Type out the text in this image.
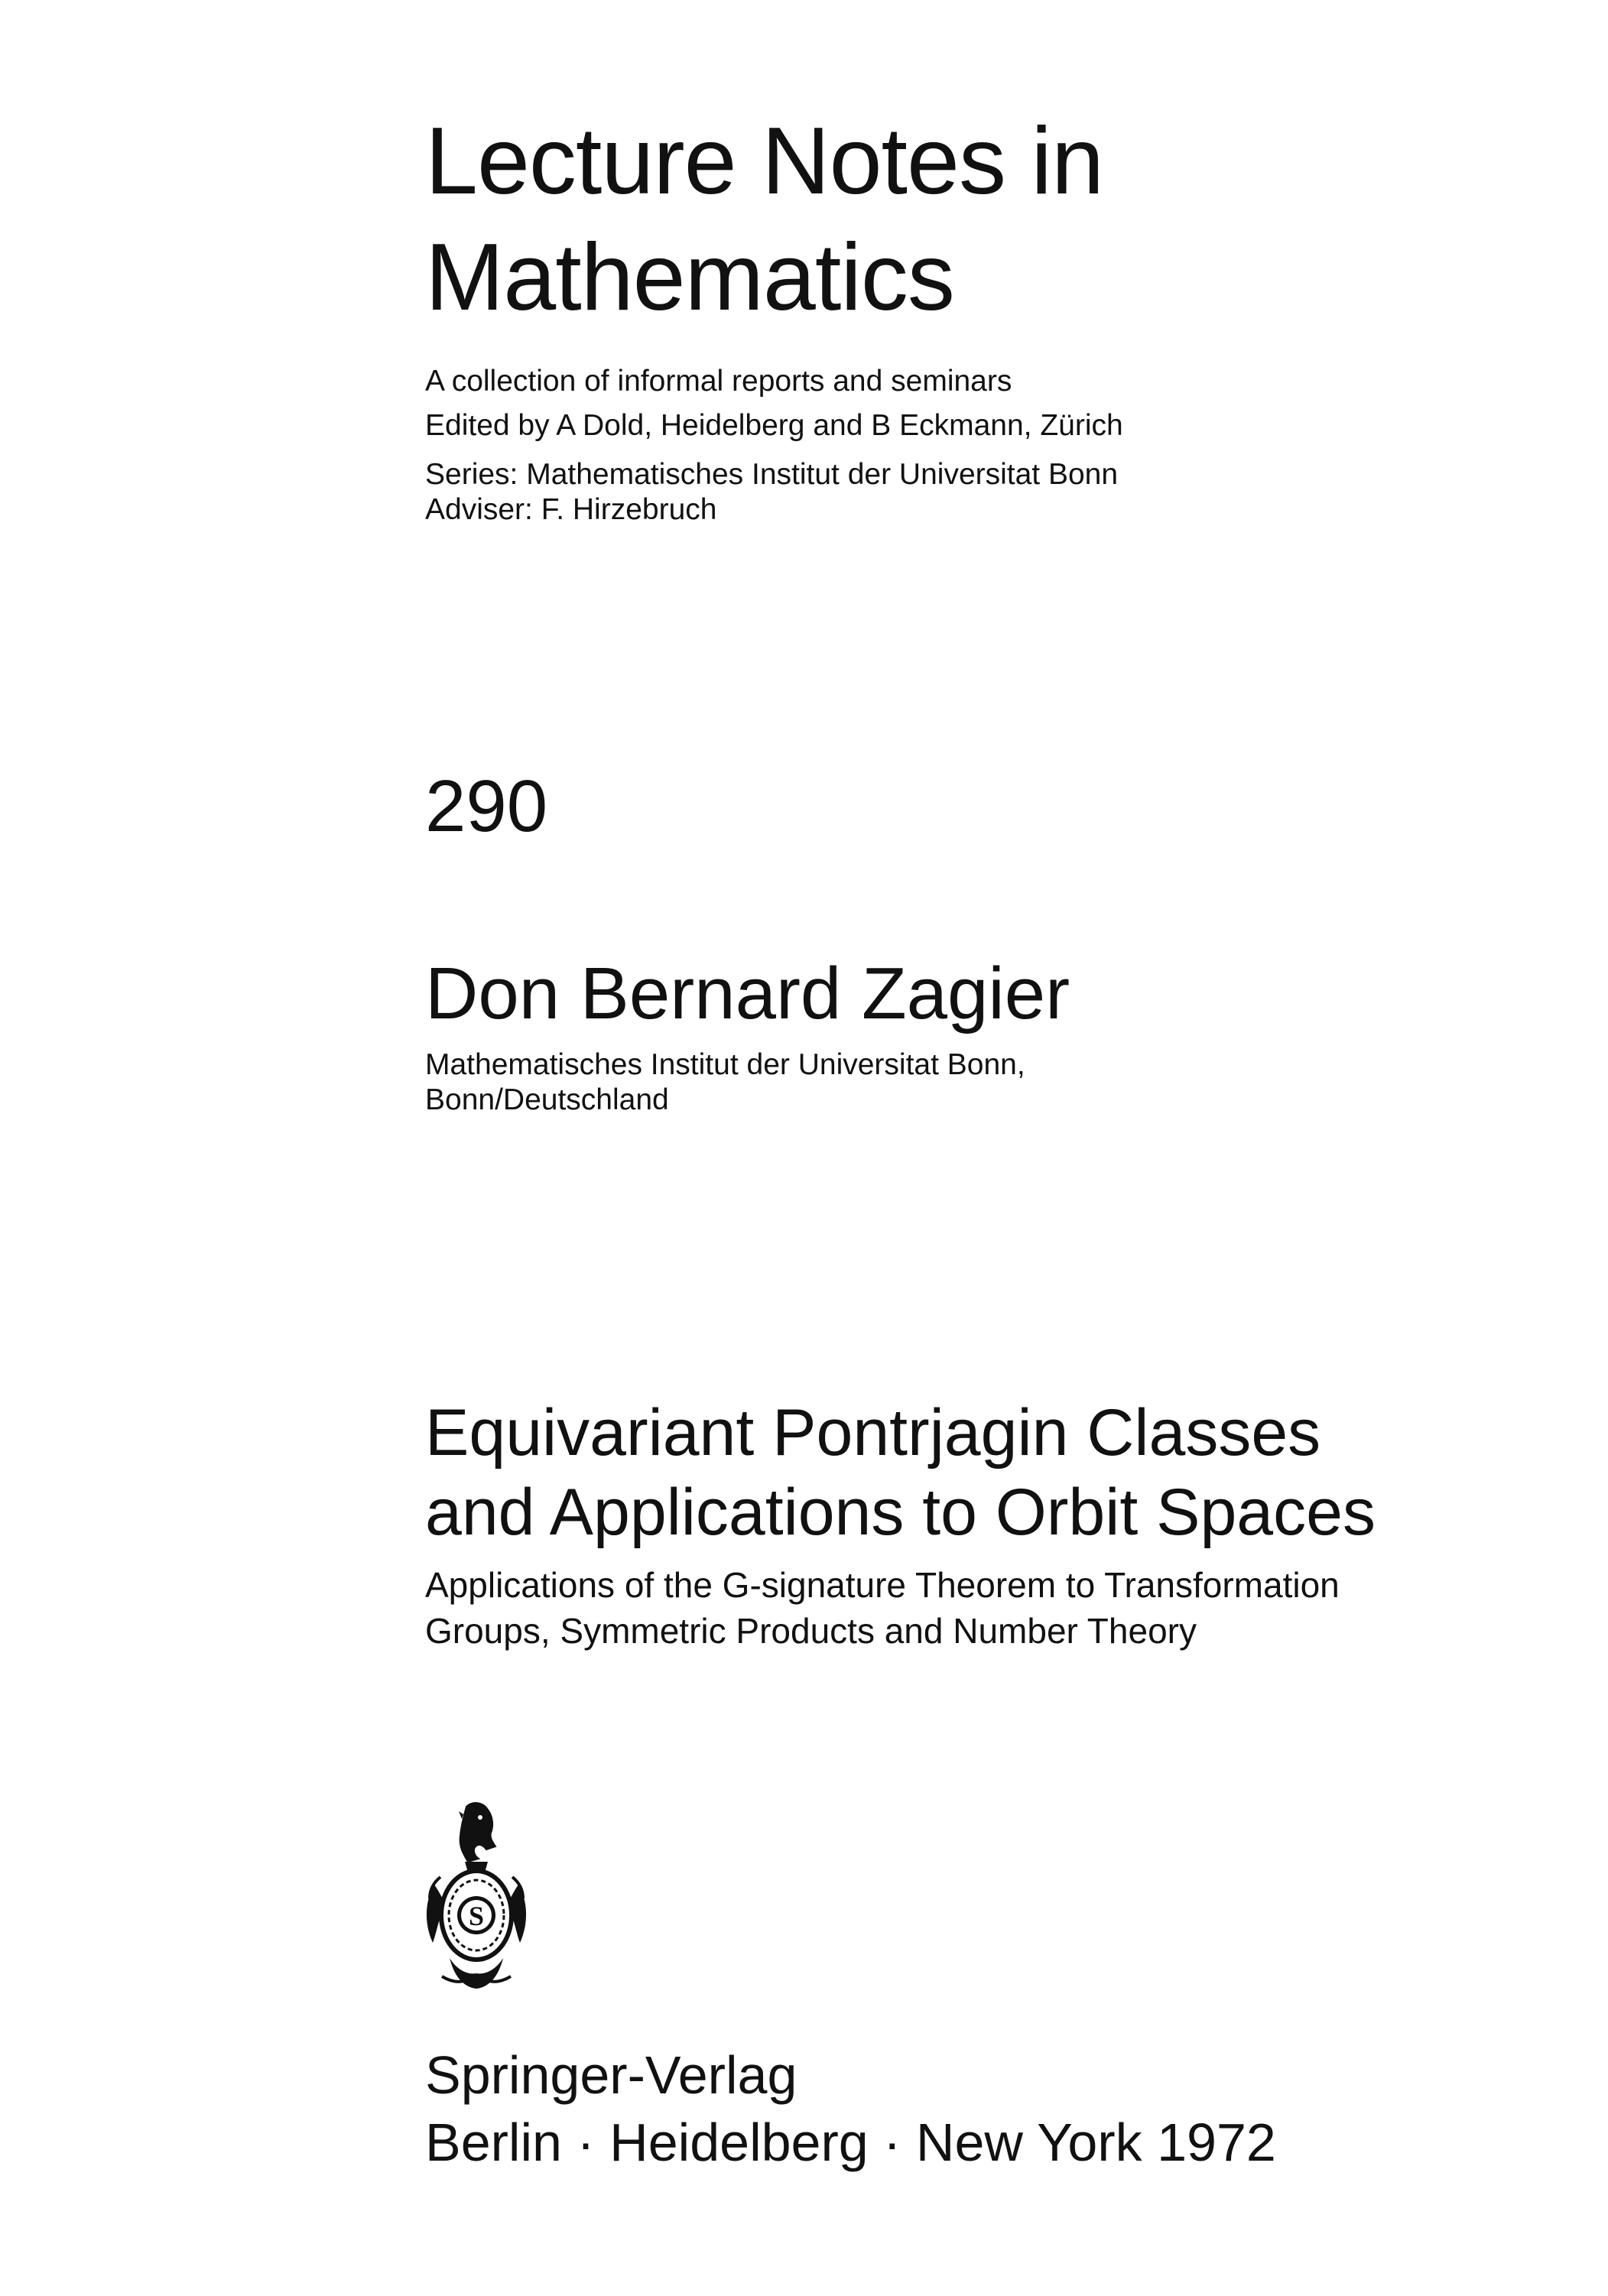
Lecture Notes in
Mathematics
A collection of informal reports and seminars
Edited by A Dold, Heidelberg and B Eckmann, Zürich
Series: Mathematisches Institut der Universitat Bonn
Adviser: F. Hirzebruch
290
Don Bernard Zagier
Mathematisches Institut der Universitat Bonn,
Bonn/Deutschland
Equivariant Pontrjagin Classes
and Applications to Orbit Spaces
Applications of the G-signature Theorem to Transformation
Groups, Symmetric Products and Number Theory
S
Springer-Verlag
Berlin · Heidelberg · New York 1972
